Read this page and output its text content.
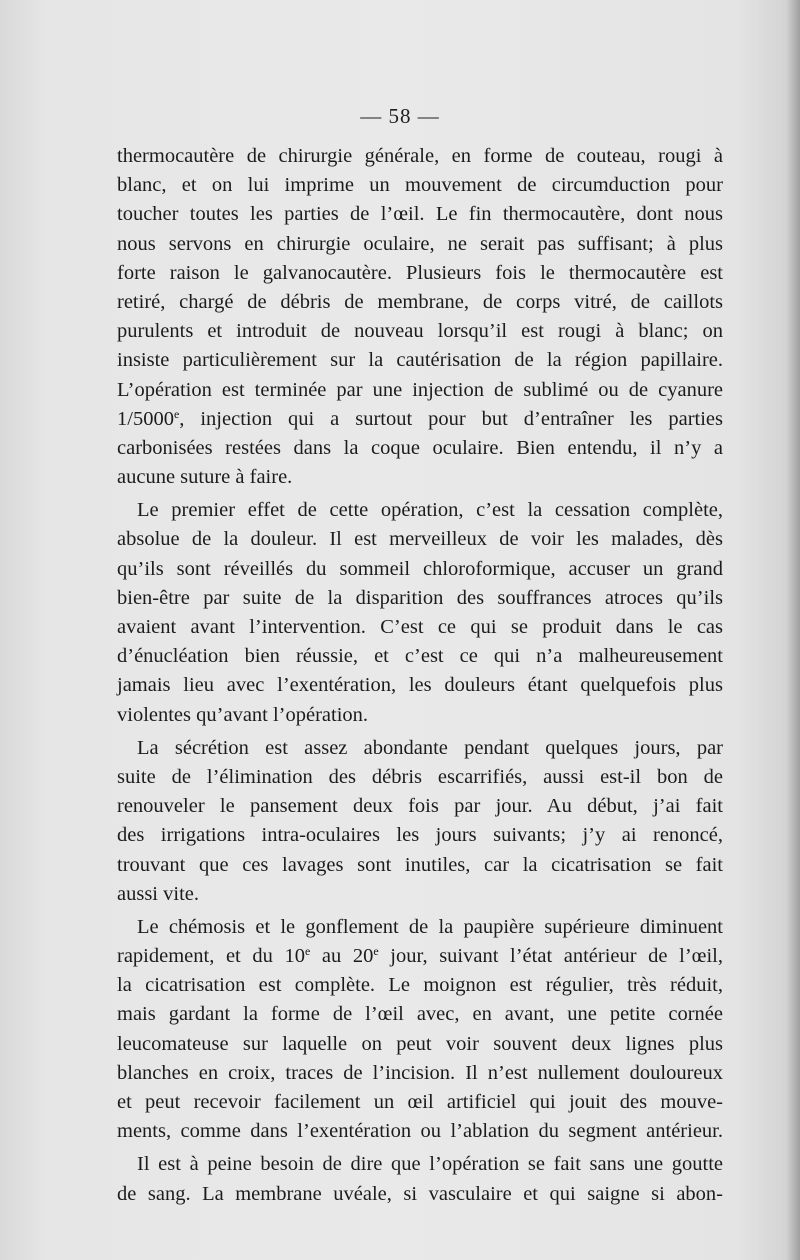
— 58 —
thermocautère de chirurgie générale, en forme de couteau, rougi à
blanc, et on lui imprime un mouvement de circumduction pour
toucher toutes les parties de l’œil. Le fin thermocautère, dont nous
nous servons en chirurgie oculaire, ne serait pas suffisant; à plus
forte raison le galvanocautère. Plusieurs fois le thermocautère est
retiré, chargé de débris de membrane, de corps vitré, de caillots
purulents et introduit de nouveau lorsqu’il est rougi à blanc; on
insiste particulièrement sur la cautérisation de la région papillaire.
L’opération est terminée par une injection de sublimé ou de cyanure
1/5000e, injection qui a surtout pour but d’entraîner les parties
carbonisées restées dans la coque oculaire. Bien entendu, il n’y a
aucune suture à faire.
Le premier effet de cette opération, c’est la cessation complète,
absolue de la douleur. Il est merveilleux de voir les malades, dès
qu’ils sont réveillés du sommeil chloroformique, accuser un grand
bien-être par suite de la disparition des souffrances atroces qu’ils
avaient avant l’intervention. C’est ce qui se produit dans le cas
d’énucléation bien réussie, et c’est ce qui n’a malheureusement
jamais lieu avec l’exentération, les douleurs étant quelquefois plus
violentes qu’avant l’opération.
La sécrétion est assez abondante pendant quelques jours, par
suite de l’élimination des débris escarrifiés, aussi est-il bon de
renouveler le pansement deux fois par jour. Au début, j’ai fait
des irrigations intra-oculaires les jours suivants; j’y ai renoncé,
trouvant que ces lavages sont inutiles, car la cicatrisation se fait
aussi vite.
Le chémosis et le gonflement de la paupière supérieure diminuent
rapidement, et du 10e au 20e jour, suivant l’état antérieur de l’œil,
la cicatrisation est complète. Le moignon est régulier, très réduit,
mais gardant la forme de l’œil avec, en avant, une petite cornée
leucomateuse sur laquelle on peut voir souvent deux lignes plus
blanches en croix, traces de l’incision. Il n’est nullement douloureux
et peut recevoir facilement un œil artificiel qui jouit des mouve-
ments, comme dans l’exentération ou l’ablation du segment antérieur.
Il est à peine besoin de dire que l’opération se fait sans une goutte
de sang. La membrane uvéale, si vasculaire et qui saigne si abon-
